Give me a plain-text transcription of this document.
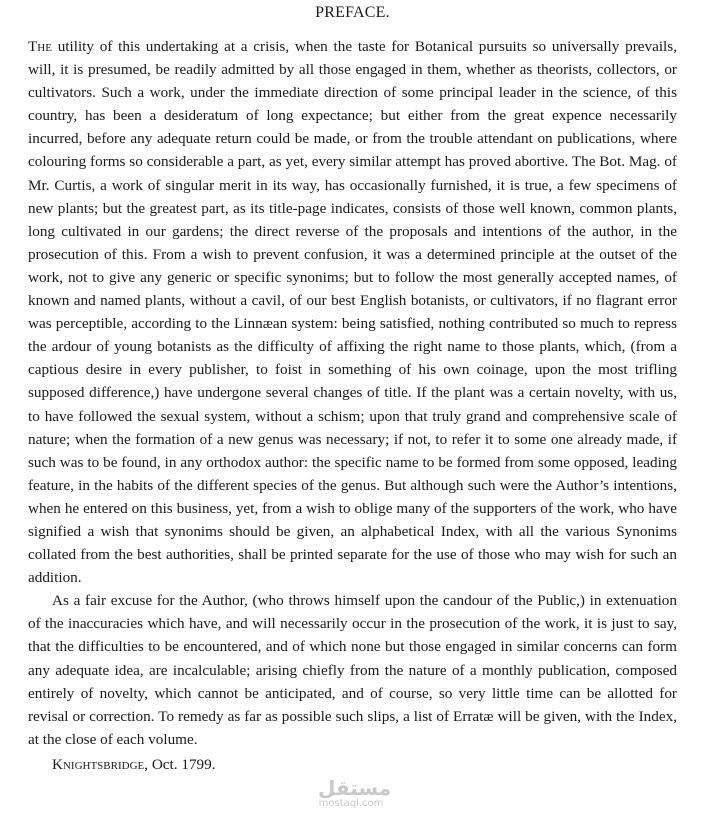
PREFACE.

The utility of this undertaking at a crisis, when the taste for Botanical pursuits so universally prevails, will, it is presumed, be readily admitted by all those engaged in them, whether as theorists, collectors, or cultivators. Such a work, under the immediate direction of some principal leader in the science, of this country, has been a desideratum of long expectance; but either from the great expence necessarily incurred, before any adequate return could be made, or from the trouble attendant on publications, where colouring forms so considerable a part, as yet, every similar attempt has proved abortive. The Bot. Mag. of Mr. Curtis, a work of singular merit in its way, has occasionally furnished, it is true, a few specimens of new plants; but the greatest part, as its title-page indicates, consists of those well known, common plants, long cultivated in our gardens; the direct reverse of the proposals and intentions of the author, in the prosecution of this. From a wish to prevent confusion, it was a determined principle at the outset of the work, not to give any generic or specific synonims; but to follow the most generally accepted names, of known and named plants, without a cavil, of our best English botanists, or cultivators, if no flagrant error was perceptible, according to the Linnæan system: being satisfied, nothing contributed so much to repress the ardour of young botanists as the difficulty of affixing the right name to those plants, which, (from a captious desire in every publisher, to foist in something of his own coinage, upon the most trifling supposed difference,) have undergone several changes of title. If the plant was a certain novelty, with us, to have followed the sexual system, without a schism; upon that truly grand and comprehensive scale of nature; when the formation of a new genus was necessary; if not, to refer it to some one already made, if such was to be found, in any orthodox author: the specific name to be formed from some opposed, leading feature, in the habits of the different species of the genus. But although such were the Author’s intentions, when he entered on this business, yet, from a wish to oblige many of the supporters of the work, who have signified a wish that synonims should be given, an alphabetical Index, with all the various Synonims collated from the best authorities, shall be printed separate for the use of those who may wish for such an addition.

As a fair excuse for the Author, (who throws himself upon the candour of the Public,) in extenuation of the inaccuracies which have, and will necessarily occur in the prosecution of the work, it is just to say, that the difficulties to be encountered, and of which none but those engaged in similar concerns can form any adequate idea, are incalculable; arising chiefly from the nature of a monthly publication, composed entirely of novelty, which cannot be anticipated, and of course, so very little time can be allotted for revisal or correction. To remedy as far as possible such slips, a list of Erratæ will be given, with the Index, at the close of each volume.

Knightsbridge, Oct. 1799.
مستقل
mostaql.com
